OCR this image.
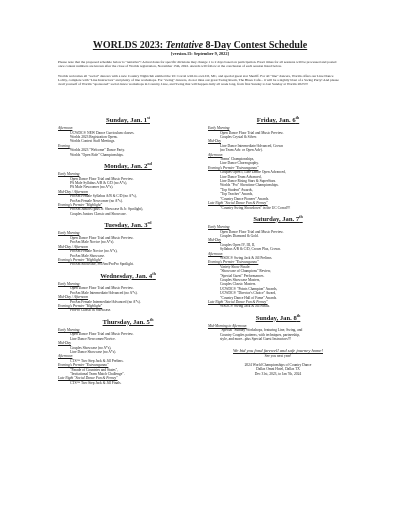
WORLDS 2023: Tentative 8-Day Contest Schedule
[version.15: September 9, 2022]

Please note that the proposed schedule below is "tentative"! Actual dates for specific divisions may change 1 to 2 days based on participation. Exact times for all sessions will be processed and posted once contest numbers are known after the close of Worlds registration, November 15th, 2022. Awards will follow at the conclusion of each session listed below.

Worlds welcomes all "social" dancers with a new Country Nightclub entitled the UC Corral with its own DJ, MC, and special guest star Sheriff. For all "line" dancers, Worlds offers our Line Dance Lobby, complete with "Line Instructors" and plenty of line workshops. For "swing" dancers, do not miss our great Swing Room, The Blues Café... it will be a nightly blast of a Swing Party! And please avail yourself of Worlds "sponsored" social dance workshops in Country, Line, and Swing that will happen daily all week long, from first Sunday to last Sunday at Worlds 2023!!!

Sunday, Jan. 1st
Afternoon
UCWDC® NEW Dance Curriculum classes.
Worlds 2023 Registration Opens.
Worlds Contest Staff Meetings.
Evening
Worlds 2023 "Welcome" Dance Party.
Worlds "Open Role" Championships.
Monday, Jan. 2nd
Early Morning
Open Dance Floor Trial and Music Preview.
PA Male Syllabus A/B & C/D (no A*s),
PA Male Newcomer (no A*s).
Mid-Day / Afternoon
ProAm Female Syllabus A/B & C/D (no A*s),
ProAm Female Newcomer (no A*s).
Evening's Premier "Highlight"
ProAm Juniors (plus Jr. Showcase & Jr. Spotlight),
Couples Juniors Classic and Showcase.
Tuesday, Jan. 3rd
Early Morning
Open Dance Floor Trial and Music Preview.
ProAm Male Novice (no A*s).
Mid-Day / Afternoon
ProAm Female Novice (no A*s),
ProAm Male Showcase.
Evening's Premier "Highlight"
ProAm Showcase, ProAm/ProPro Spotlight.
Wednesday, Jan. 4th
Early Morning
Open Dance Floor Trial and Music Preview.
ProAm Male Intermediate/Advanced (no A*s).
Mid-Day / Afternoon
ProAm Female Intermediate/Advanced (no A*s).
Evening's Premier "Highlight"
ProPro Classic & Showcase.
Thursday, Jan. 5th
Early Morning
Open Dance Floor Trial and Music Preview.
Line Dance Newcomer/Novice.
Mid-Day
Couples Showcase (no A*s),
Line Dance Showcase (no A*s).
Afternoon
CTS™ Two Step Jack & Jill Prelims.
Evening's Premier "Extravaganza"
"Parade of Countries and States",
"Invitational Team Match Challenge".
Late Night "Social Dance Fun & Frenzy"
CTS™ Two Step Jack & Jill Finals.
Friday, Jan. 6th
Early Morning
Open Dance Floor Trial and Music Preview.
Couples Crystal & Silver.
Mid-Day
Line Dance Intermediate/Advanced, Crown
(no Team Adv. or Open Adv).
Afternoon
Teams' Championships,
Line Dance Choreography.
Evening's Premier "Extravaganza"
Couples Open I, Line Dance Open Advanced,
Line Dance Team Advanced,
Line Dance Rising Stars & SuperStars.
Worlds "Pro" Showtime Championships.
"Top Student" Awards,
"Top Teacher" Awards,
"Country Dance Pioneer" Awards.
Late Night "Social Dance Fun & Frenzy"
"Country Swing Showdown" in the UC Corral!!!
Saturday, Jan. 7th
Early Morning
Open Dance Floor Trial and Music Preview.
Couples Diamond & Gold.
Mid-Day
Couples Open IV, III, II,
Syllabus A/B & C/D, Crown Plus, Crown.
Afternoon
WSDC® Swing Jack & Jill Prelims.
Evening's Premier "Extravaganza"
Variety Show Finale:
"Showcase of Champions" Review,
"Special Guest" Performances.
Couples Showcase Masters,
Couples Classic Masters.
UCWDC® "Points Champion" Awards,
UCWDC® "Director's Choice" Award,
"Country Dance Hall of Fame" Awards.
Late Night "Social Dance Fun & Frenzy"
WSDC® Swing Jack & Jill Finals.
Sunday, Jan. 8th
Mid-Morning to Afternoon
"Special" Sunday Workshops, featuring Line, Swing, and
Country Couples patterns, with techniques, partnership,
style, and more...plus Special Guest Instructors!!!
We bid you fond farewell and safe journey home!
See you next year!
2024 World Championships of Country Dance
Dallas Omni Hotel, Dallas TX
Dec 31st, 2023, to Jan 7th, 2024
